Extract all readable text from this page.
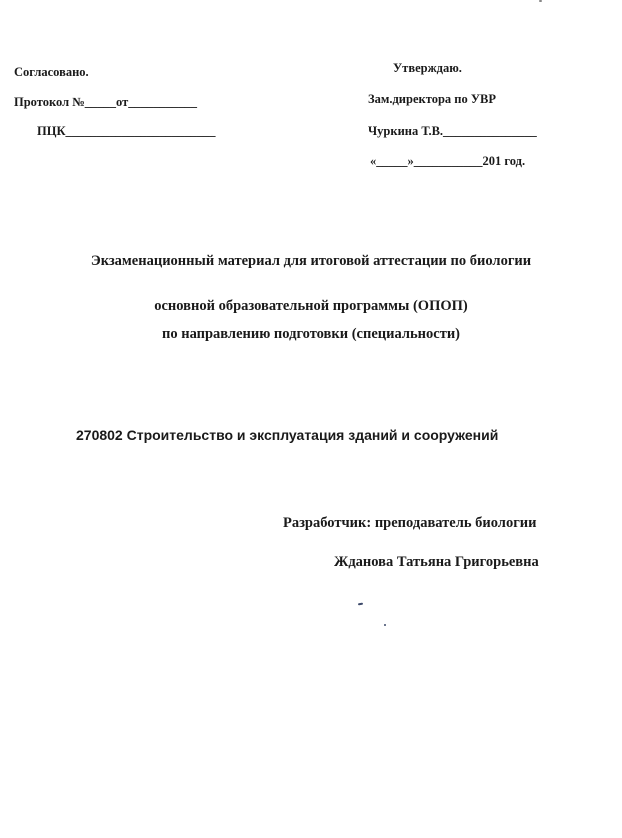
Согласовано.
Протокол №_____от___________
ПЦК________________________
Утверждаю.
Зам.директора по УВР
Чуркина Т.В._______________
«_____»___________201 год.
Экзаменационный материал для итоговой аттестации по биологии
основной образовательной программы (ОПОП)
по направлению подготовки (специальности)
270802 Строительство и эксплуатация зданий и сооружений
Разработчик: преподаватель биологии
Жданова Татьяна Григорьевна
